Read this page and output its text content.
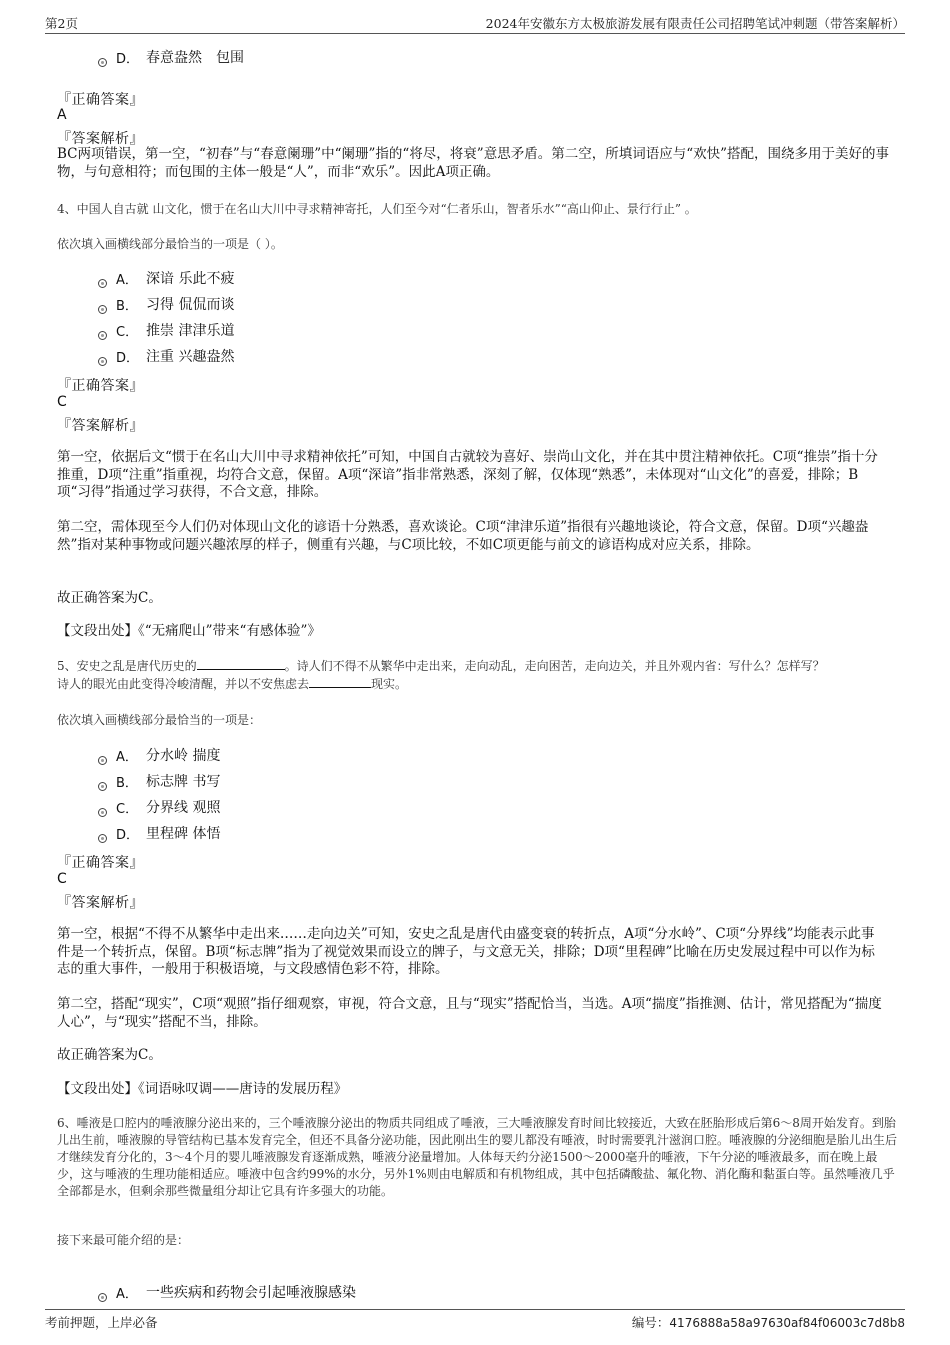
第2页	2024年安徽东方太极旅游发展有限责任公司招聘笔试冲刺题（带答案解析）
D． 春意盎然　包围
『正确答案』
A
『答案解析』
BC两项错误，第一空，“初春”与“春意阑珊”中“阑珊”指的“将尽，将衰”意思矛盾。第二空，所填词语应与“欢快”搭配，围绕多用于美好的事物，与句意相符；而包围的主体一般是“人”，而非“欢乐”。因此A项正确。
4、中国人自古就 山文化，惯于在名山大川中寻求精神寄托，人们至今对“仁者乐山，智者乐水”“高山仰止、景行行止” 。
依次填入画横线部分最恰当的一项是（ ）。
A． 深谙 乐此不疲
B． 习得 侃侃而谈
C． 推崇 津津乐道
D． 注重 兴趣盎然
『正确答案』
C
『答案解析』
第一空，依据后文“惯于在名山大川中寻求精神依托”可知，中国自古就较为喜好、崇尚山文化，并在其中贯注精神依托。C项“推崇”指十分推重，D项“注重”指重视，均符合文意，保留。A项“深谙”指非常熟悉，深刻了解，仅体现“熟悉”，未体现对“山文化”的喜爱，排除；B项“习得”指通过学习获得，不合文意，排除。
第二空，需体现至今人们仍对体现山文化的谚语十分熟悉，喜欢谈论。C项“津津乐道”指很有兴趣地谈论，符合文意，保留。D项“兴趣盎然”指对某种事物或问题兴趣浓厚的样子，侧重有兴趣，与C项比较，不如C项更能与前文的谚语构成对应关系，排除。
故正确答案为C。
【文段出处】《“无痛爬山”带来“有感体验”》
5、安史之乱是唐代历史的	。诗人们不得不从繁华中走出来，走向动乱，走向困苦，走向边关，并且外观内省：写什么？怎样写？
诗人的眼光由此变得冷峻清醒，并以不安焦虑去	现实。
依次填入画横线部分最恰当的一项是：
A． 分水岭 揣度
B． 标志牌 书写
C． 分界线 观照
D． 里程碑 体悟
『正确答案』
C
『答案解析』
第一空，根据“不得不从繁华中走出来……走向边关”可知，安史之乱是唐代由盛变衰的转折点，A项“分水岭”、C项“分界线”均能表示此事件是一个转折点，保留。B项“标志牌”指为了视觉效果而设立的牌子，与文意无关，排除；D项“里程碑”比喻在历史发展过程中可以作为标志的重大事件，一般用于积极语境，与文段感情色彩不符，排除。
第二空，搭配“现实”，C项“观照”指仔细观察，审视，符合文意，且与“现实”搭配恰当，当选。A项“揣度”指推测、估计，常见搭配为“揣度人心”，与“现实”搭配不当，排除。
故正确答案为C。
【文段出处】《词语咏叹调——唐诗的发展历程》
6、唾液是口腔内的唾液腺分泌出来的，三个唾液腺分泌出的物质共同组成了唾液，三大唾液腺发育时间比较接近，大致在胚胎形成后第6～8周开始发育。到胎儿出生前，唾液腺的导管结构已基本发育完全，但还不具备分泌功能，因此刚出生的婴儿都没有唾液，时时需要乳汁滋润口腔。唾液腺的分泌细胞是胎儿出生后才继续发育分化的，3～4个月的婴儿唾液腺发育逐渐成熟，唾液分泌量增加。人体每天约分泌1500～2000毫升的唾液，下午分泌的唾液最多，而在晚上最少，这与唾液的生理功能相适应。唾液中包含约99%的水分，另外1%则由电解质和有机物组成，其中包括磷酸盐、氟化物、消化酶和黏蛋白等。虽然唾液几乎全部都是水，但剩余那些微量组分却让它具有许多强大的功能。
接下来最可能介绍的是：
A． 一些疾病和药物会引起唾液腺感染
考前押题，上岸必备	编号：4176888a58a97630af84f06003c7d8b8
